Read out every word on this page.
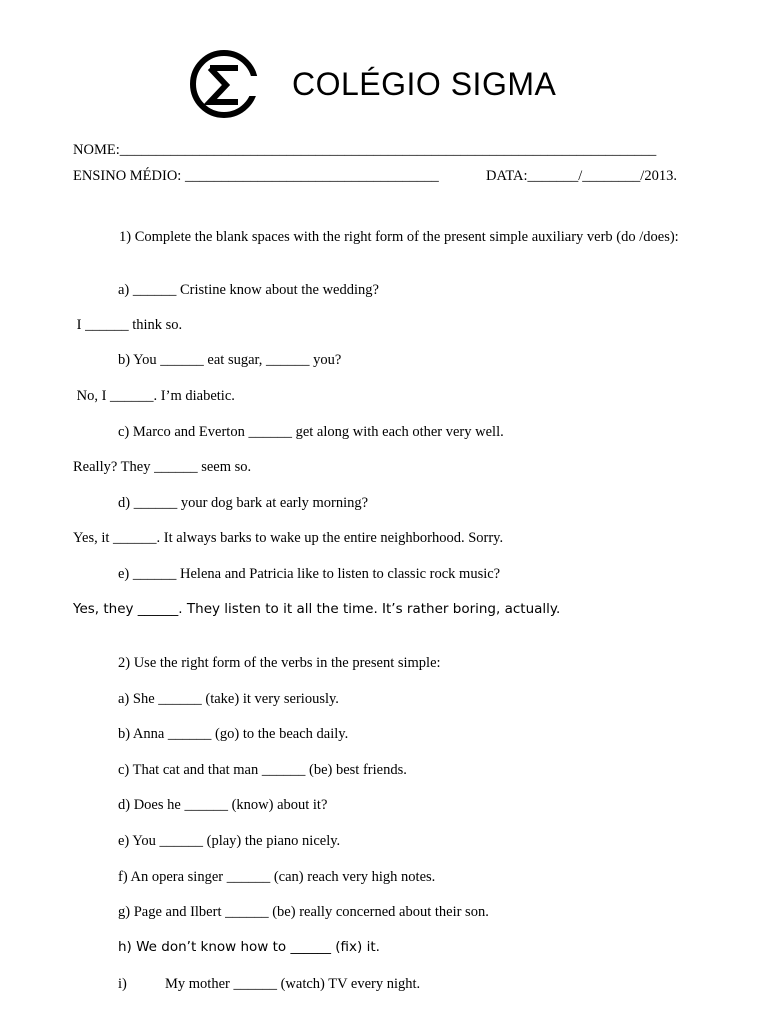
COLÉGIO SIGMA
NOME:__________________________________________________________________________
ENSINO MÉDIO: ___________________________________	DATA:_______/________/2013.
1) Complete the blank spaces with the right form of the present simple auxiliary verb (do /does):
a) ______ Cristine know about the wedding?
I ______ think so.
b) You ______ eat sugar, ______ you?
No, I ______. I’m diabetic.
c) Marco and Everton ______ get along with each other very well.
Really? They ______ seem so.
d) ______ your dog bark at early morning?
Yes, it ______. It always barks to wake up the entire neighborhood. Sorry.
e) ______ Helena and Patricia like to listen to classic rock music?
Yes, they ______. They listen to it all the time. It’s rather boring, actually.
2) Use the right form of the verbs in the present simple:
a) She ______ (take) it very seriously.
b) Anna ______ (go) to the beach daily.
c) That cat and that man ______ (be) best friends.
d) Does he ______ (know) about it?
e) You ______ (play) the piano nicely.
f) An opera singer ______ (can) reach very high notes.
g) Page and Ilbert ______ (be) really concerned about their son.
h) We don’t know how to ______ (fix) it.
i)	My mother ______ (watch) TV every night.
